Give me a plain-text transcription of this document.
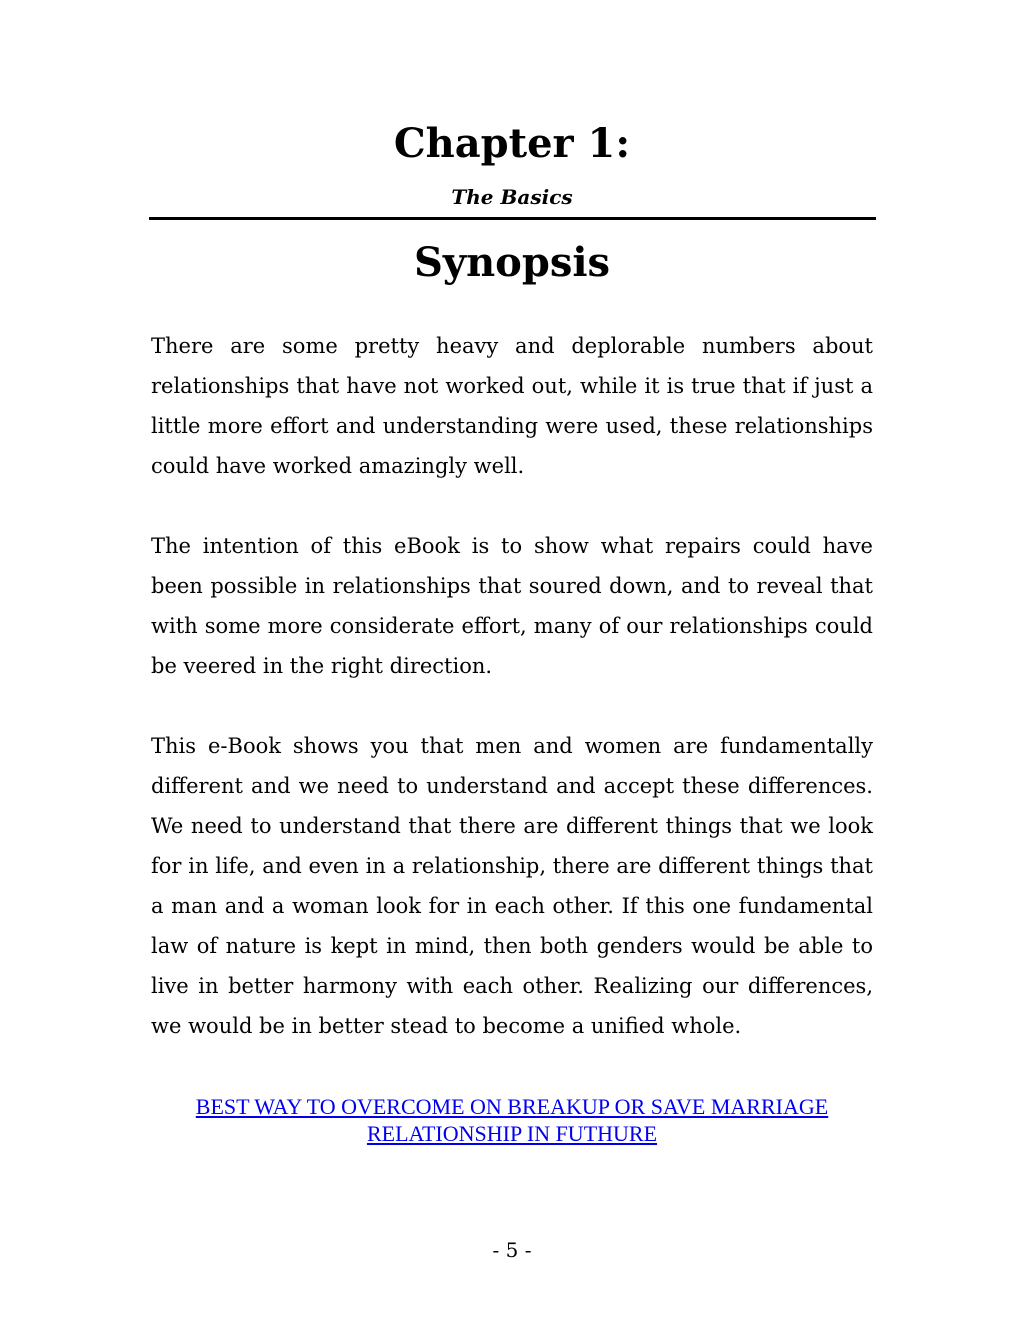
Chapter 1:
The Basics
Synopsis

There are some pretty heavy and deplorable numbers about relationships that have not worked out, while it is true that if just a little more effort and understanding were used, these relationships could have worked amazingly well.

The intention of this eBook is to show what repairs could have been possible in relationships that soured down, and to reveal that with some more considerate effort, many of our relationships could be veered in the right direction.

This e-Book shows you that men and women are fundamentally different and we need to understand and accept these differences. We need to understand that there are different things that we look for in life, and even in a relationship, there are different things that a man and a woman look for in each other. If this one fundamental law of nature is kept in mind, then both genders would be able to live in better harmony with each other. Realizing our differences, we would be in better stead to become a unified whole.

BEST WAY TO OVERCOME ON BREAKUP OR SAVE MARRIAGE
RELATIONSHIP IN FUTHURE
- 5 -
